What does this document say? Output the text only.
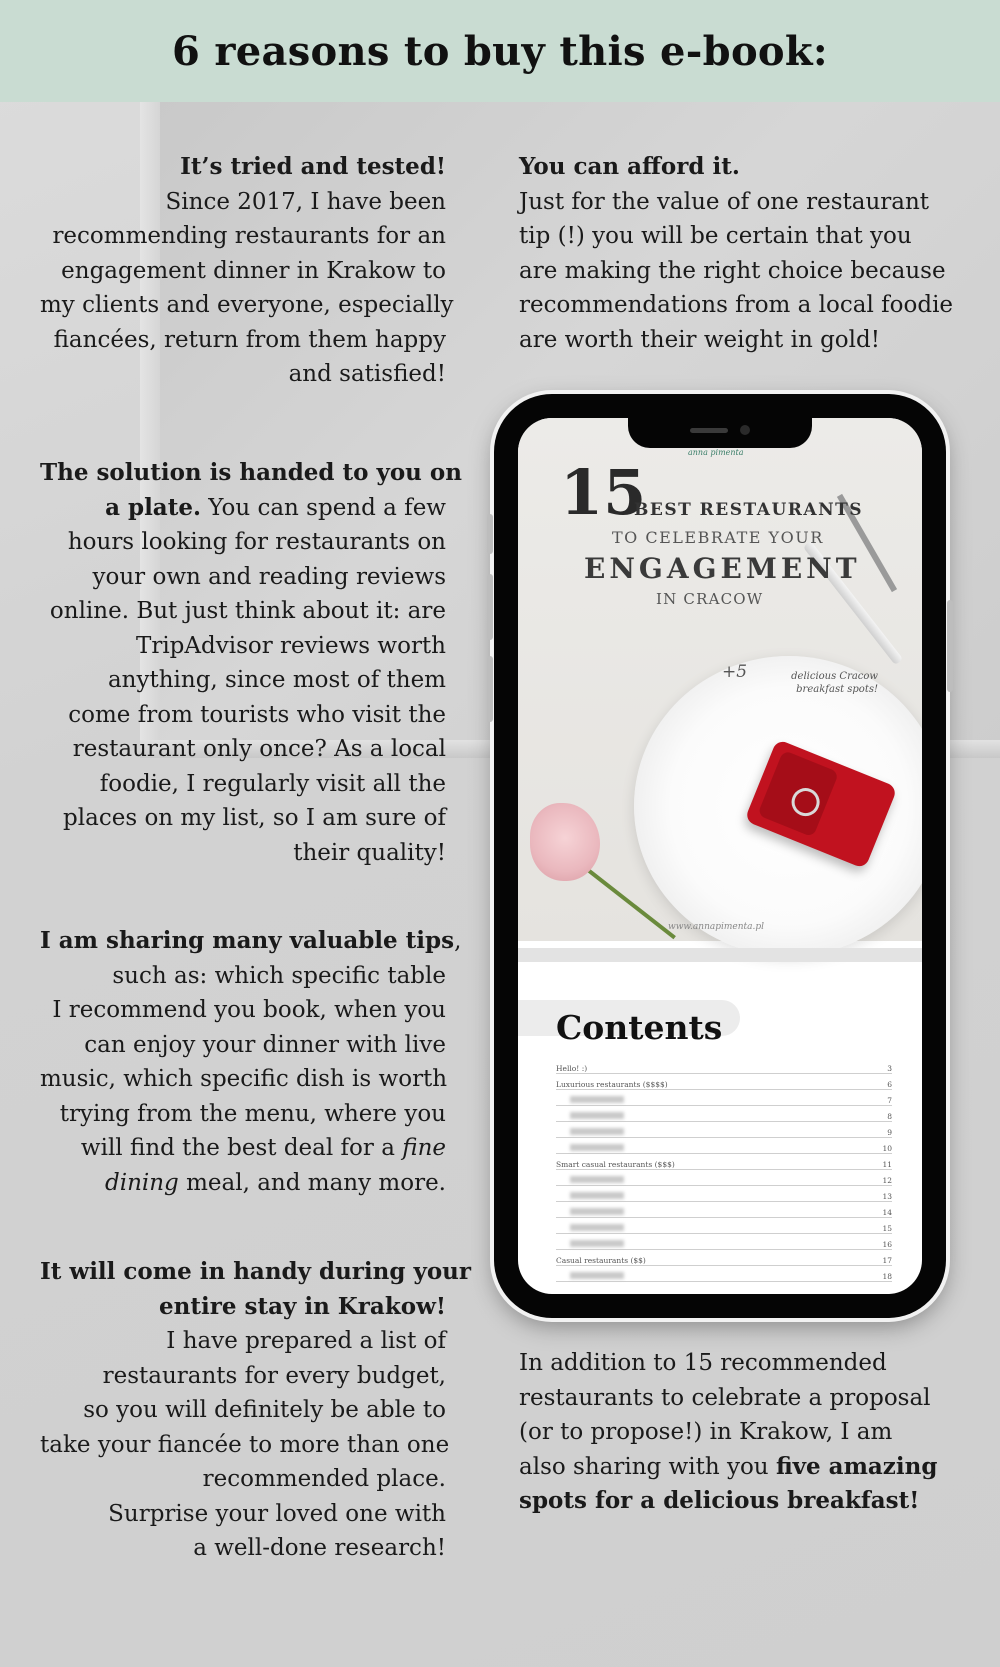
6 reasons to buy this e-book:
It’s tried and tested!
Since 2017, I have been
recommending restaurants for an
engagement dinner in Krakow to
my clients and everyone, especially
fiancées, return from them happy
and satisfied!
You can afford it.
Just for the value of one restaurant
tip (!) you will be certain that you
are making the right choice because
recommendations from a local foodie
are worth their weight in gold!
The solution is handed to you on
a plate. You can spend a few
hours looking for restaurants on
your own and reading reviews
online. But just think about it: are
TripAdvisor reviews worth
anything, since most of them
come from tourists who visit the
restaurant only once? As a local
foodie, I regularly visit all the
places on my list, so I am sure of
their quality!
I am sharing many valuable tips,
such as: which specific table
I recommend you book, when you
can enjoy your dinner with live
music, which specific dish is worth
trying from the menu, where you
will find the best deal for a fine
dining meal, and many more.
It will come in handy during your
entire stay in Krakow!
I have prepared a list of
restaurants for every budget,
so you will definitely be able to
take your fiancée to more than one
recommended place.
Surprise your loved one with
a well-done research!
In addition to 15 recommended
restaurants to celebrate a proposal
(or to propose!) in Krakow, I am
also sharing with you five amazing
spots for a delicious breakfast!
anna pimenta
15
BEST RESTAURANTS
TO CELEBRATE YOUR
ENGAGEMENT
IN CRACOW
+5	delicious Cracow breakfast spots!
www.annapimenta.pl
Contents
Hello! :)	3
Luxurious restaurants ($$$$)	6
7
8
9
10
Smart casual restaurants ($$$)	11
12
13
14
15
16
Casual restaurants ($$)	17
18
